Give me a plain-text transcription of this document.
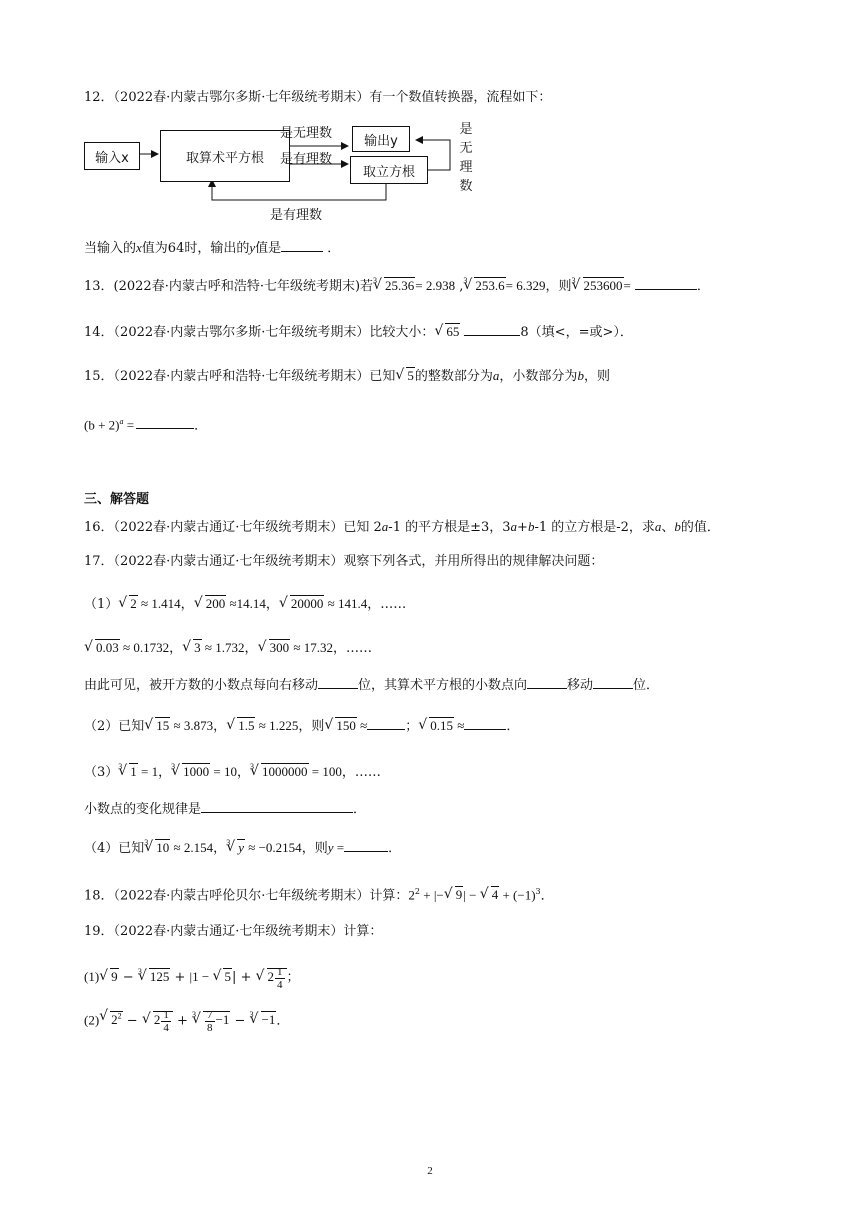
12．（2022春·内蒙古鄂尔多斯·七年级统考期末）有一个数值转换器，流程如下：
输入x	取算术平方根
输出y
取立方根
是无理数
是有理数
是有理数
是
无
理
数
当输入的x值为64时，输出的y值是	．
13．(2022春·内蒙古呼和浩特·七年级统考期末)若$^3$√ 25.36= 2.938 ,$^3$√ 253.6= 6.329，则$^3$√ 253600=	．
14．（2022春·内蒙古鄂尔多斯·七年级统考期末）比较大小：√ 65	8（填<，=或>）．
15．（2022春·内蒙古呼和浩特·七年级统考期末）已知√ 5的整数部分为a，小数部分为b，则
$(b + 2)^a$ =	．
三、解答题
16．（2022春·内蒙古通辽·七年级统考期末）已知 2a-1 的平方根是±3，3a+b-1 的立方根是-2，求a、b的值．
17．（2022春·内蒙古通辽·七年级统考期末）观察下列各式，并用所得出的规律解决问题：
（1）√ 2 ≈ 1.414，√ 200 ≈14.14，√ 20000 ≈ 141.4，……
√ 0.03 ≈ 0.1732，√ 3 ≈ 1.732，√ 300 ≈ 17.32，……
由此可见，被开方数的小数点每向右移动	位，其算术平方根的小数点向	移动	位．
（2）已知√ 15 ≈ 3.873，√ 1.5 ≈ 1.225，则√ 150 ≈	；√ 0.15 ≈	．
$(3)^3√$ 1 = 1，$^3$√ 1000 = 10，$^3$√ 1000000 = 100，……
小数点的变化规律是	．
（4）已知$^3$√ 10 ≈ 2.154，$^3$√ y ≈ −0.2154，则y =	．
18．（2022春·内蒙古呼伦贝尔·七年级统考期末）计算：$2^2$ + |−√ 9| − √ $4 + (-1)^3$．
19．（2022春·内蒙古通辽·七年级统考期末）计算：
(1)√ 9 − $^3$√ 125 + |1 − √ 5| + √ $2 \frac{1}{4}$ ；
(2)√ $2^2$ − √ $2 \frac{1}{4} + ^3$
√ $\frac{7}{8} -1 - ^3√ -1$．
2
